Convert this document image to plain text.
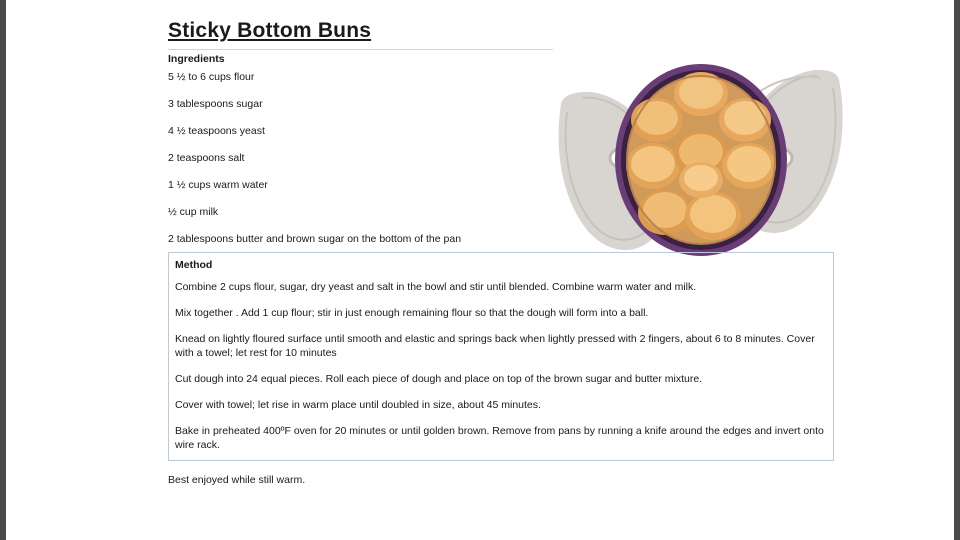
Sticky Bottom Buns
Ingredients
5 ½ to 6 cups flour
3 tablespoons sugar
4 ½ teaspoons yeast
2 teaspoons salt
1 ½ cups warm water
½ cup milk
2 tablespoons butter and brown sugar on the bottom of the pan
Method
Combine 2 cups flour, sugar, dry yeast and salt in the bowl and stir until blended. Combine warm water and milk.
Mix together . Add 1 cup flour; stir in just enough remaining flour so that the dough will form into a ball.
Knead on lightly floured surface until smooth and elastic and springs back when lightly pressed with 2 fingers, about 6 to 8 minutes. Cover with a towel; let rest for 10 minutes
Cut dough into 24 equal pieces. Roll each piece of dough and place on top of the brown sugar and butter mixture.
Cover with towel; let rise in warm place until doubled in size, about 45 minutes.
Bake in preheated 400ºF oven for 20 minutes or until golden brown. Remove from pans by running a knife around the edges and invert onto wire rack.
Best enjoyed while still warm.
